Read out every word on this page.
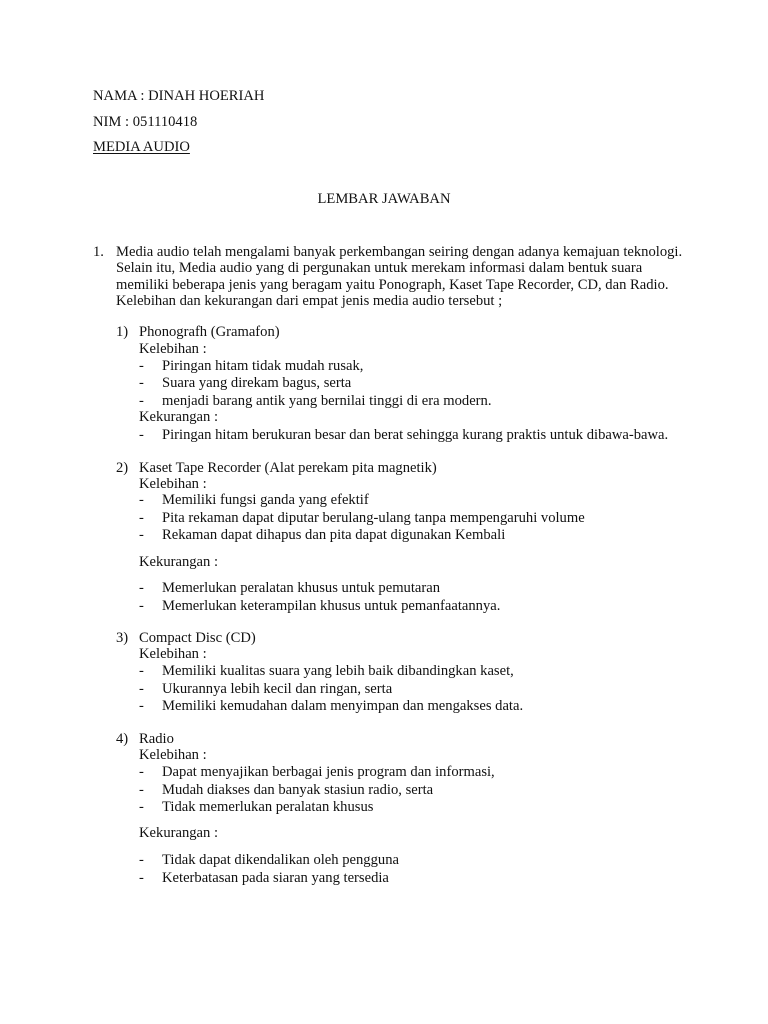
NAMA : DINAH HOERIAH
NIM : 051110418
MEDIA AUDIO
LEMBAR JAWABAN
1. Media audio telah mengalami banyak perkembangan seiring dengan adanya kemajuan teknologi.
Selain itu, Media audio yang di pergunakan untuk merekam informasi dalam bentuk suara
memiliki beberapa jenis yang beragam yaitu Ponograph, Kaset Tape Recorder, CD, dan Radio.
Kelebihan dan kekurangan dari empat jenis media audio tersebut ;
1) Phonografh (Gramafon)
Kelebihan :
- Piringan hitam tidak mudah rusak,
- Suara yang direkam bagus, serta
- menjadi barang antik yang bernilai tinggi di era modern.
Kekurangan :
- Piringan hitam berukuran besar dan berat sehingga kurang praktis untuk dibawa-bawa.
2) Kaset Tape Recorder (Alat perekam pita magnetik)
Kelebihan :
- Memiliki fungsi ganda yang efektif
- Pita rekaman dapat diputar berulang-ulang tanpa mempengaruhi volume
- Rekaman dapat dihapus dan pita dapat digunakan Kembali
Kekurangan :
- Memerlukan peralatan khusus untuk pemutaran
- Memerlukan keterampilan khusus untuk pemanfaatannya.
3) Compact Disc (CD)
Kelebihan :
- Memiliki kualitas suara yang lebih baik dibandingkan kaset,
- Ukurannya lebih kecil dan ringan, serta
- Memiliki kemudahan dalam menyimpan dan mengakses data.
4) Radio
Kelebihan :
- Dapat menyajikan berbagai jenis program dan informasi,
- Mudah diakses dan banyak stasiun radio, serta
- Tidak memerlukan peralatan khusus
Kekurangan :
- Tidak dapat dikendalikan oleh pengguna
- Keterbatasan pada siaran yang tersedia
